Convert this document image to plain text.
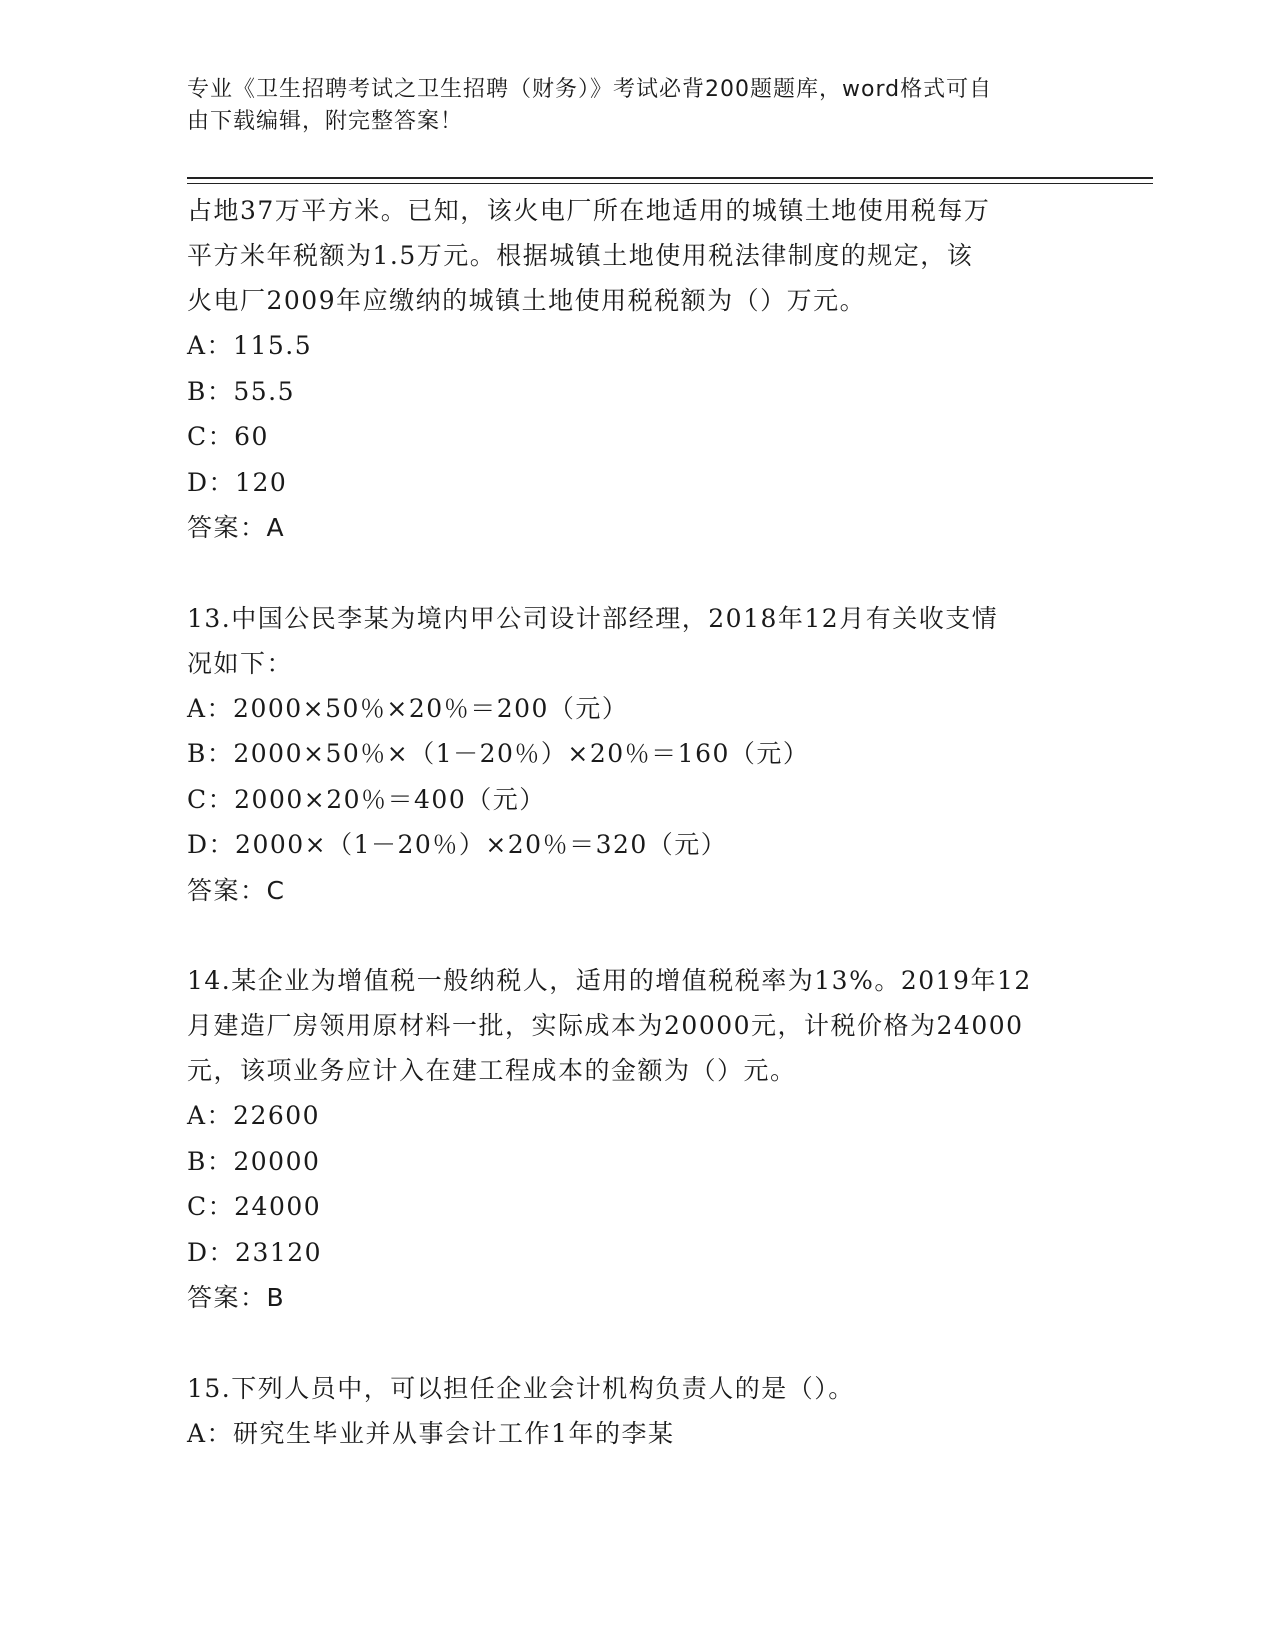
专业《卫生招聘考试之卫生招聘（财务）》考试必背200题题库，word格式可自
由下载编辑，附完整答案！

占地37万平方米。已知，该火电厂所在地适用的城镇土地使用税每万

平方米年税额为1.5万元。根据城镇土地使用税法律制度的规定，该

火电厂2009年应缴纳的城镇土地使用税税额为（）万元。

A：115.5

B：55.5

C：60

D：120

答案：A

13.中国公民李某为境内甲公司设计部经理，2018年12月有关收支情

况如下：

A：2000×50％×20％＝200（元）

B：2000×50％×（1－20％）×20％＝160（元）

C：2000×20％＝400（元）

D：2000×（1－20％）×20％＝320（元）

答案：C

14.某企业为增值税一般纳税人，适用的增值税税率为13%。2019年12

月建造厂房领用原材料一批，实际成本为20000元，计税价格为24000

元，该项业务应计入在建工程成本的金额为（）元。

A：22600

B：20000

C：24000

D：23120

答案：B

15.下列人员中，可以担任企业会计机构负责人的是（）。

A：研究生毕业并从事会计工作1年的李某
